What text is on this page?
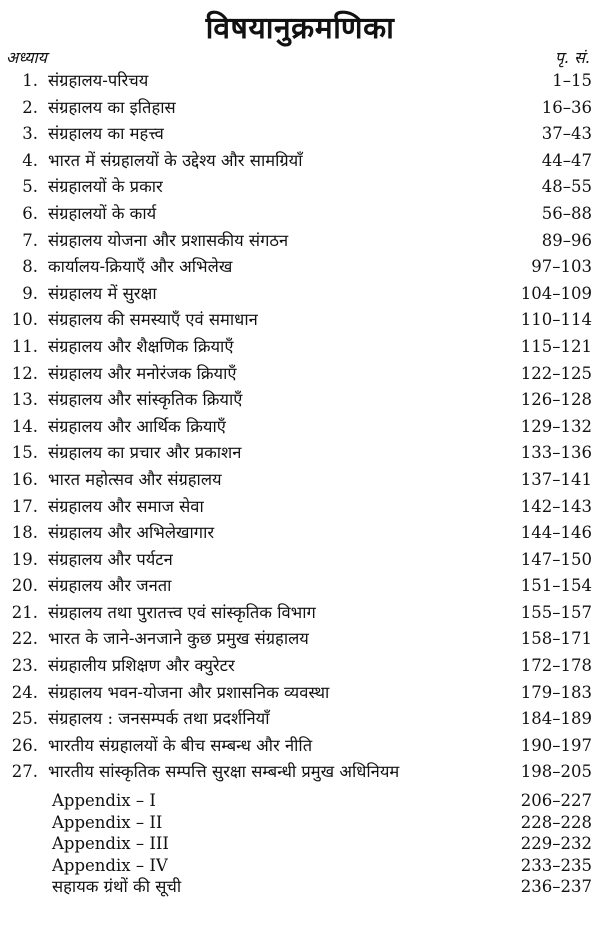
विषयानुक्रमणिका
अध्याय	पृ. सं.
1. संग्रहालय-परिचय	1–15
2. संग्रहालय का इतिहास	16–36
3. संग्रहालय का महत्त्व	37–43
4. भारत में संग्रहालयों के उद्देश्य और सामग्रियाँ	44–47
5. संग्रहालयों के प्रकार	48–55
6. संग्रहालयों के कार्य	56–88
7. संग्रहालय योजना और प्रशासकीय संगठन	89–96
8. कार्यालय-क्रियाएँ और अभिलेख	97–103
9. संग्रहालय में सुरक्षा	104–109
10. संग्रहालय की समस्याएँ एवं समाधान	110–114
11. संग्रहालय और शैक्षणिक क्रियाएँ	115–121
12. संग्रहालय और मनोरंजक क्रियाएँ	122–125
13. संग्रहालय और सांस्कृतिक क्रियाएँ	126–128
14. संग्रहालय और आर्थिक क्रियाएँ	129–132
15. संग्रहालय का प्रचार और प्रकाशन	133–136
16. भारत महोत्सव और संग्रहालय	137–141
17. संग्रहालय और समाज सेवा	142–143
18. संग्रहालय और अभिलेखागार	144–146
19. संग्रहालय और पर्यटन	147–150
20. संग्रहालय और जनता	151–154
21. संग्रहालय तथा पुरातत्त्व एवं सांस्कृतिक विभाग	155–157
22. भारत के जाने-अनजाने कुछ प्रमुख संग्रहालय	158–171
23. संग्रहालीय प्रशिक्षण और क्युरेटर	172–178
24. संग्रहालय भवन-योजना और प्रशासनिक व्यवस्था	179–183
25. संग्रहालय : जनसम्पर्क तथा प्रदर्शनियाँ	184–189
26. भारतीय संग्रहालयों के बीच सम्बन्ध और नीति	190–197
27. भारतीय सांस्कृतिक सम्पत्ति सुरक्षा सम्बन्धी प्रमुख अधिनियम	198–205
Appendix – I	206–227
Appendix – II	228–228
Appendix – III	229–232
Appendix – IV	233–235
सहायक ग्रंथों की सूची	236–237
